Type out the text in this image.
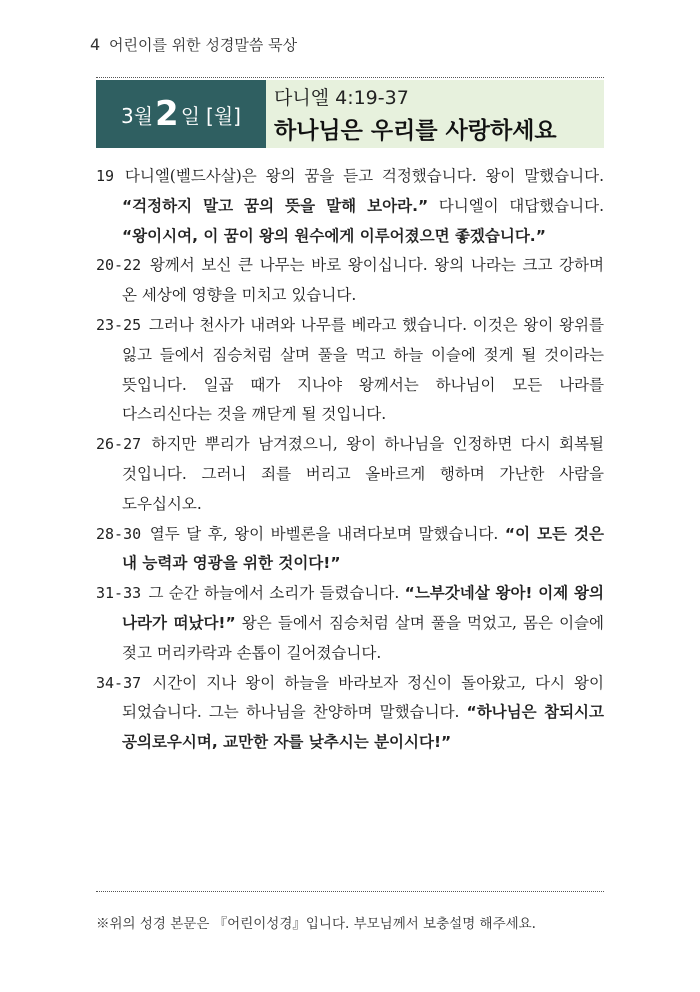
4 어린이를 위한 성경말씀 묵상
3월 2 일 [월]
다니엘 4:19-37
하나님은 우리를 사랑하세요

19 다니엘(벨드사살)은 왕의 꿈을 듣고 걱정했습니다. 왕이 말했습니다. “걱정하지 말고 꿈의 뜻을 말해 보아라.” 다니엘이 대답했습니다. “왕이시여, 이 꿈이 왕의 원수에게 이루어졌으면 좋겠습니다.”

20-22 왕께서 보신 큰 나무는 바로 왕이십니다. 왕의 나라는 크고 강하며 온 세상에 영향을 미치고 있습니다.

23-25 그러나 천사가 내려와 나무를 베라고 했습니다. 이것은 왕이 왕위를 잃고 들에서 짐승처럼 살며 풀을 먹고 하늘 이슬에 젖게 될 것이라는 뜻입니다. 일곱 때가 지나야 왕께서는 하나님이 모든 나라를 다스리신다는 것을 깨닫게 될 것입니다.

26-27 하지만 뿌리가 남겨졌으니, 왕이 하나님을 인정하면 다시 회복될 것입니다. 그러니 죄를 버리고 올바르게 행하며 가난한 사람을 도우십시오.

28-30 열두 달 후, 왕이 바벨론을 내려다보며 말했습니다. “이 모든 것은 내 능력과 영광을 위한 것이다!”

31-33 그 순간 하늘에서 소리가 들렸습니다. “느부갓네살 왕아! 이제 왕의 나라가 떠났다!” 왕은 들에서 짐승처럼 살며 풀을 먹었고, 몸은 이슬에 젖고 머리카락과 손톱이 길어졌습니다.

34-37 시간이 지나 왕이 하늘을 바라보자 정신이 돌아왔고, 다시 왕이 되었습니다. 그는 하나님을 찬양하며 말했습니다. “하나님은 참되시고 공의로우시며, 교만한 자를 낮추시는 분이시다!”

※위의 성경 본문은 『어린이성경』입니다. 부모님께서 보충설명 해주세요.
